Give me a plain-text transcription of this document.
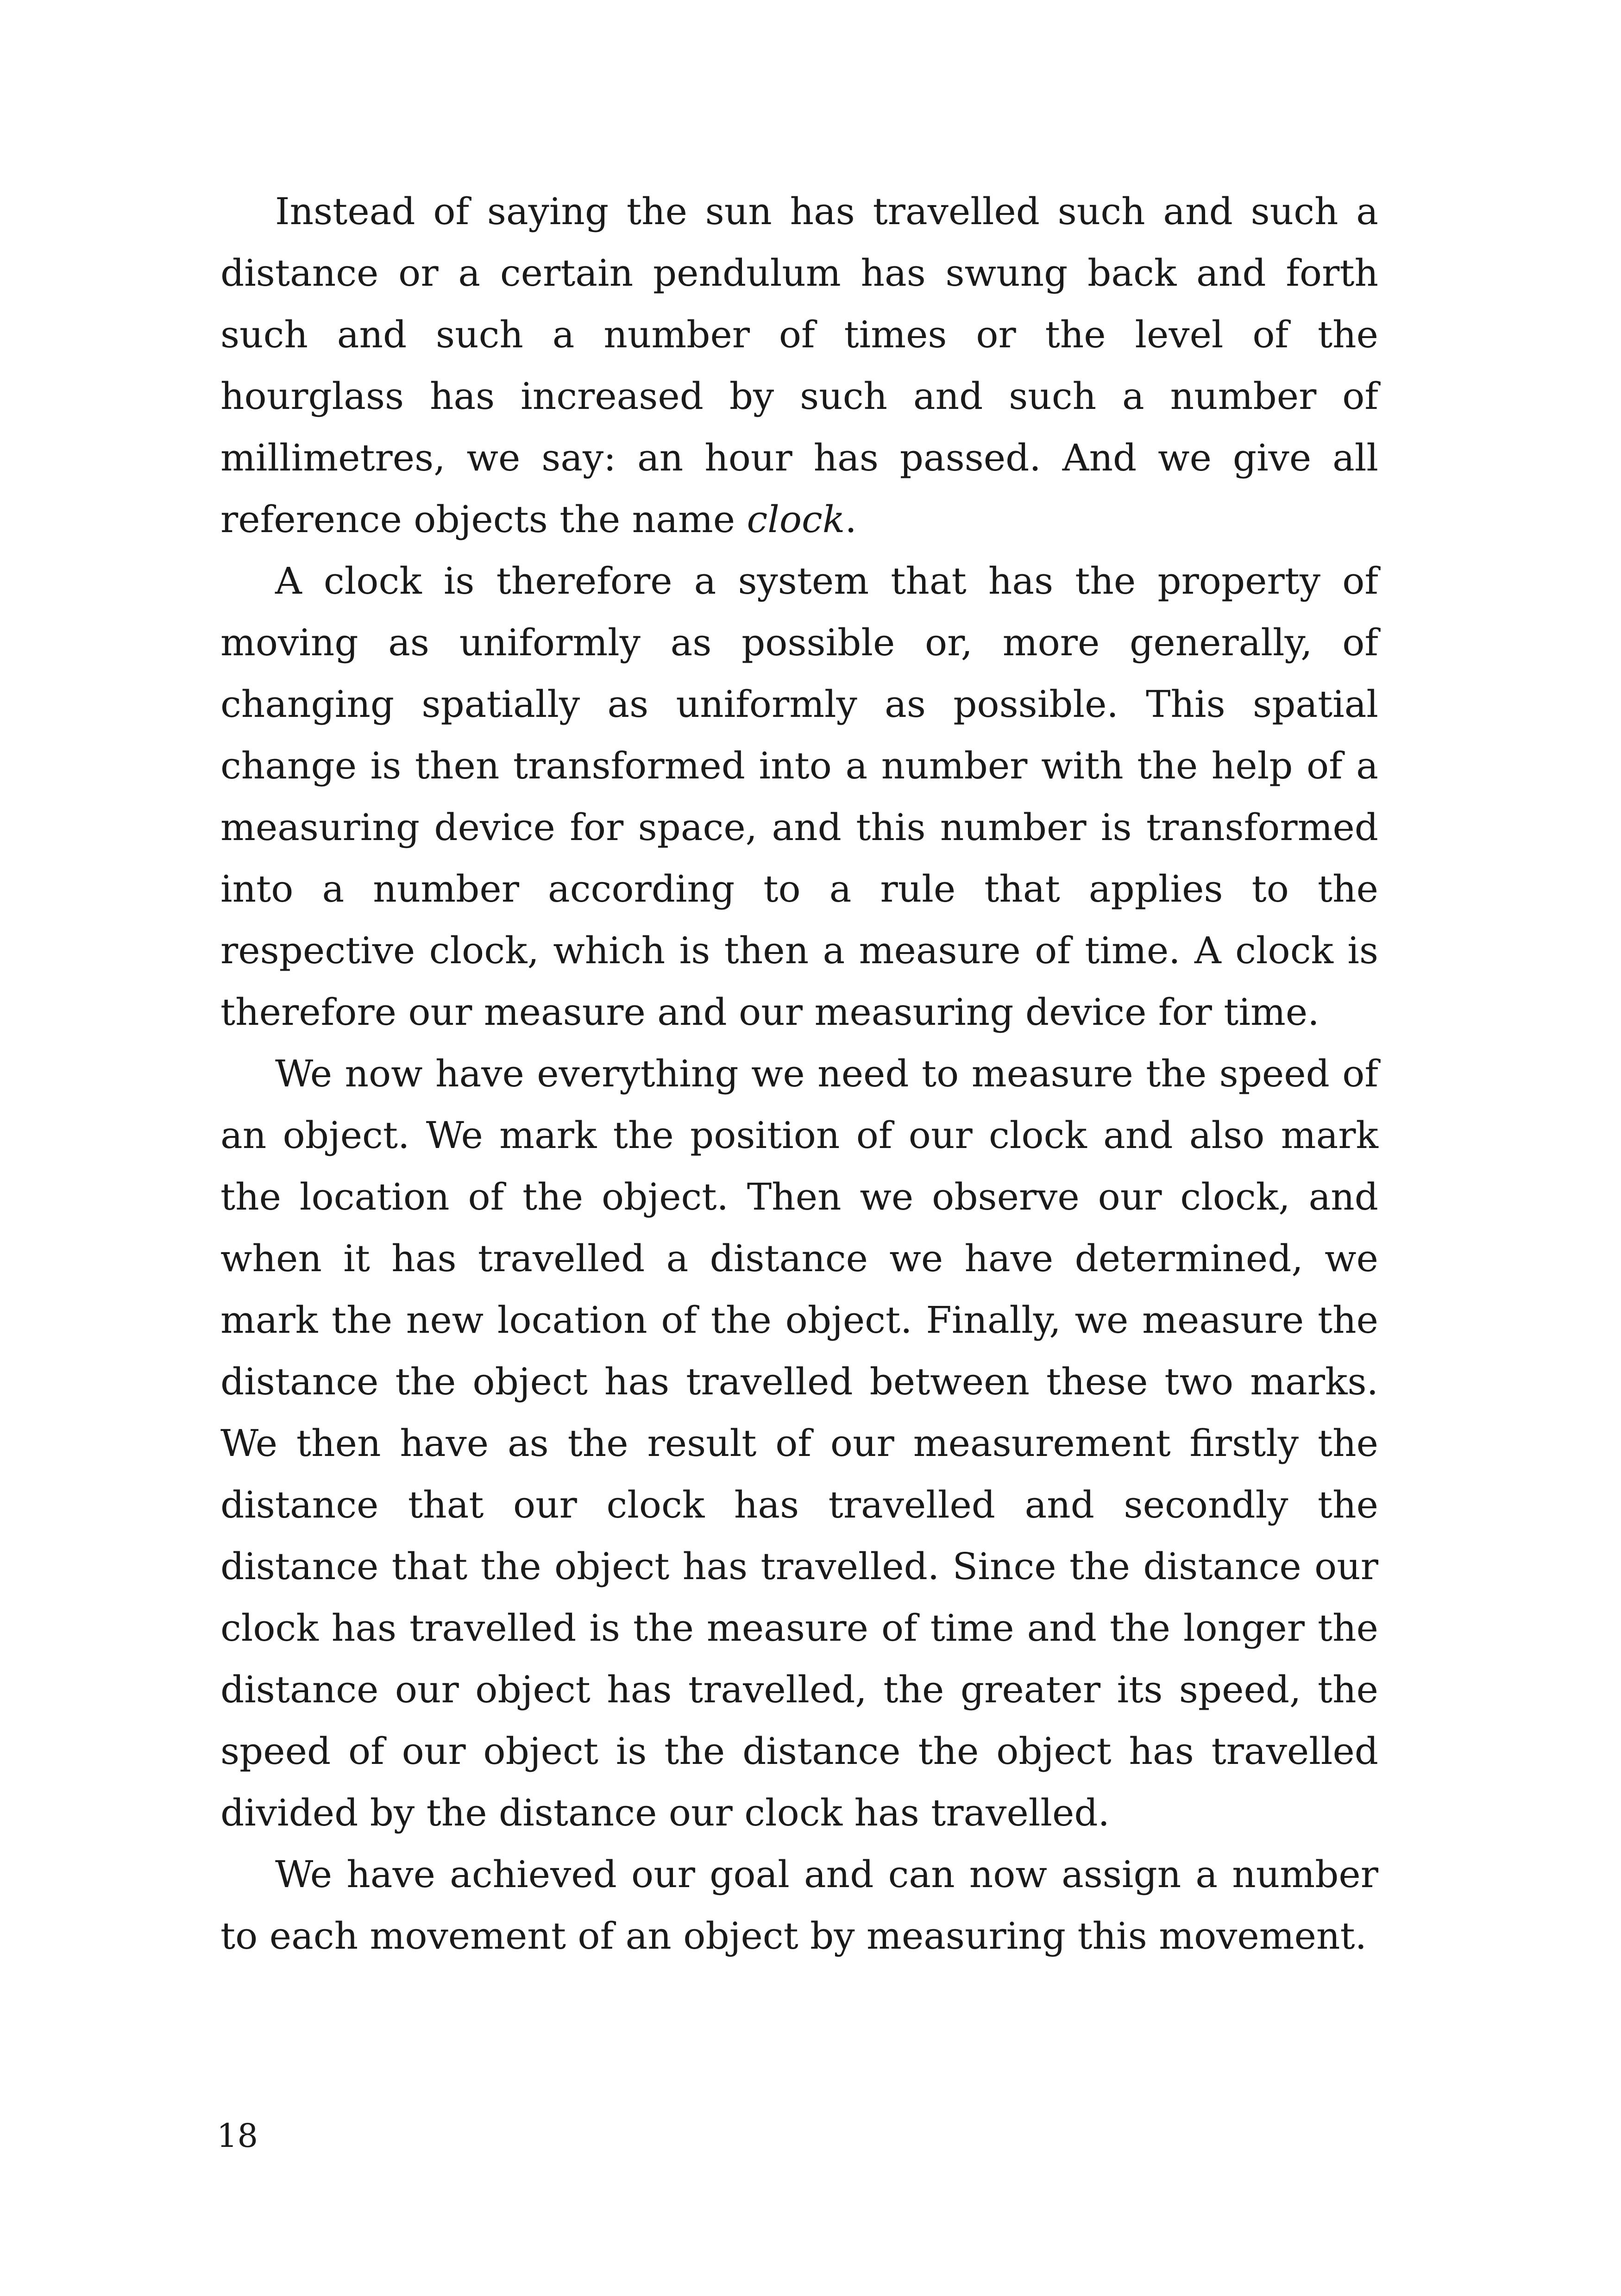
Instead of saying the sun has travelled such and such a distance or a certain pendulum has swung back and forth such and such a number of times or the level of the hourglass has increased by such and such a number of millimetres, we say: an hour has passed. And we give all reference objects the name clock.

A clock is therefore a system that has the property of moving as uniformly as possible or, more generally, of changing spatially as uniformly as possible. This spatial change is then transformed into a number with the help of a measuring device for space, and this number is transformed into a number according to a rule that applies to the respective clock, which is then a measure of time. A clock is therefore our measure and our measuring device for time.

We now have everything we need to measure the speed of an object. We mark the position of our clock and also mark the location of the object. Then we observe our clock, and when it has travelled a distance we have determined, we mark the new location of the object. Finally, we measure the distance the object has travelled between these two marks. We then have as the result of our measurement firstly the distance that our clock has travelled and secondly the distance that the object has travelled. Since the distance our clock has travelled is the measure of time and the longer the distance our object has travelled, the greater its speed, the speed of our object is the distance the object has travelled divided by the distance our clock has travelled.

We have achieved our goal and can now assign a number to each movement of an object by measuring this movement.

18
